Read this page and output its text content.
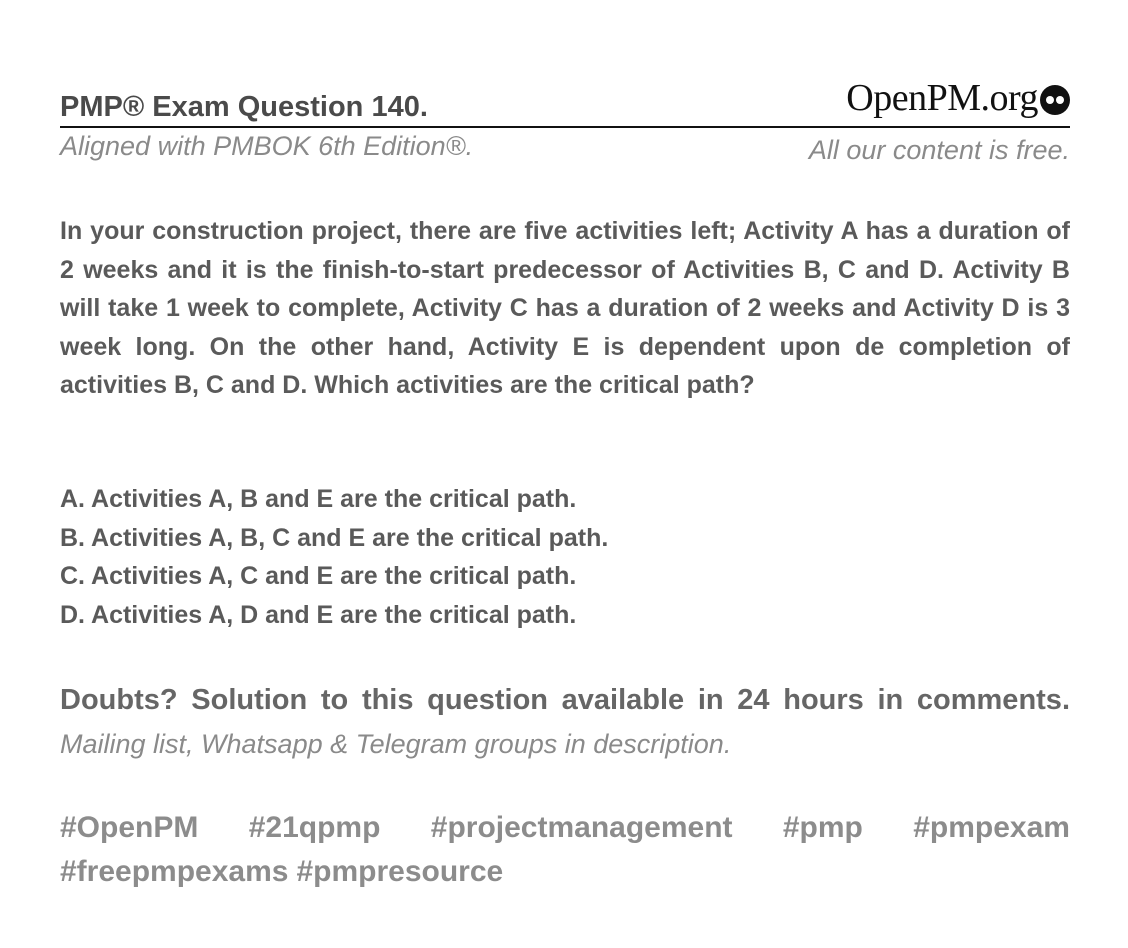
PMP® Exam Question 140.	OpenPM.org
Aligned with PMBOK 6th Edition®.	All our content is free.

In your construction project, there are five activities left; Activity A has a duration of 2 weeks and it is the finish-to-start predecessor of Activities B, C and D. Activity B will take 1 week to complete, Activity C has a duration of 2 weeks and Activity D is 3 week long. On the other hand, Activity E is dependent upon de completion of activities B, C and D. Which activities are the critical path?

A. Activities A, B and E are the critical path.
B. Activities A, B, C and E are the critical path.
C. Activities A, C and E are the critical path.
D. Activities A, D and E are the critical path.

Doubts? Solution to this question available in 24 hours in comments. Mailing list, Whatsapp & Telegram groups in description.

#OpenPM #21qpmp #projectmanagement #pmp #pmpexam
#freepmpexams #pmpresource
